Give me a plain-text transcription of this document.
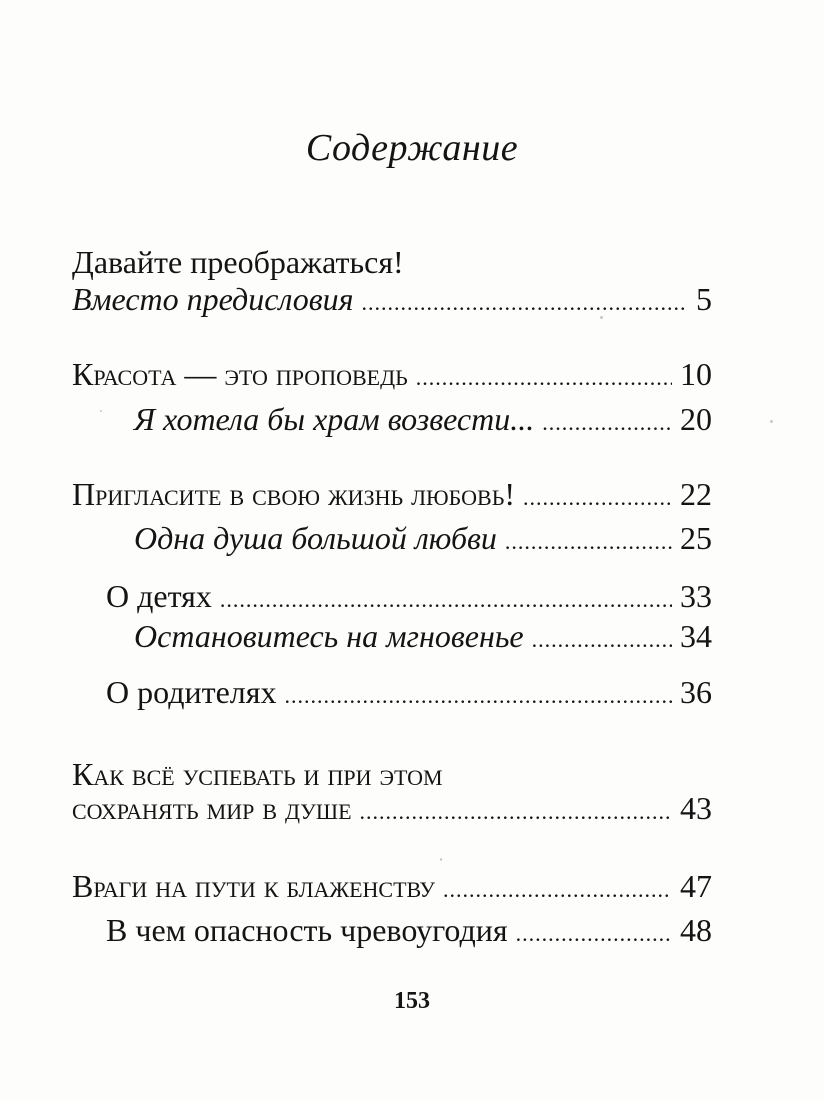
Содержание
Давайте преображаться!
Вместо предисловия .....	5
Красота — это проповедь .....	10
Я хотела бы храм возвести... .....	20
Пригласите в свою жизнь любовь! .....	22
Одна душа большой любви .....	25
О детях .....	33
Остановитесь на мгновенье .....	34
О родителях .....	36
Как всё успевать и при этом
сохранять мир в душе .....	43
Враги на пути к блаженству .....	47
В чем опасность чревоугодия .....	48
153
